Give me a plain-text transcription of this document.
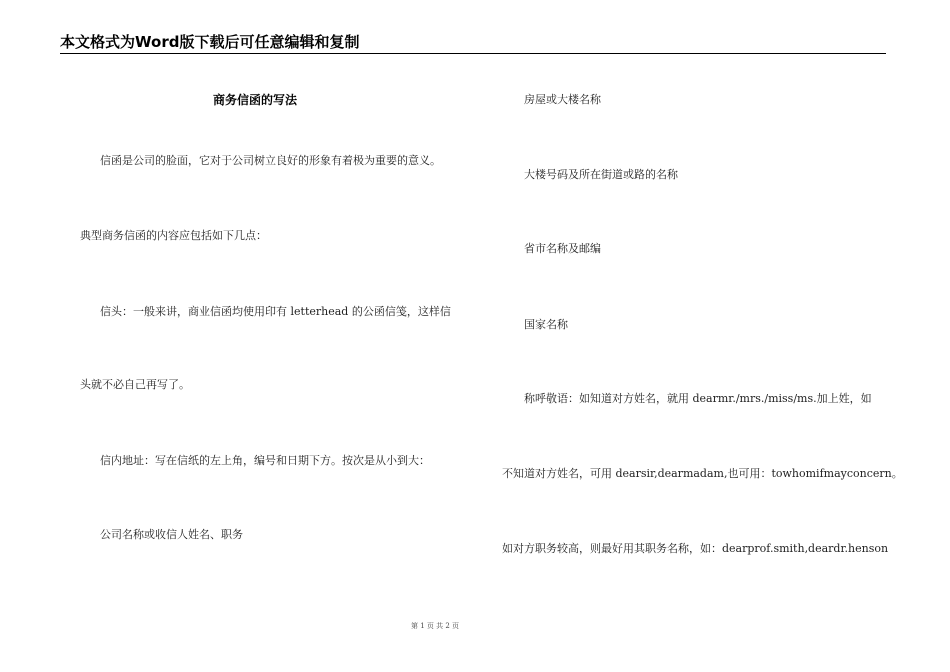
本文格式为Word版下载后可任意编辑和复制
商务信函的写法
信函是公司的脸面，它对于公司树立良好的形象有着极为重要的意义。
典型商务信函的内容应包括如下几点：
信头：一般来讲，商业信函均使用印有 letterhead 的公函信笺，这样信
头就不必自己再写了。
信内地址：写在信纸的左上角，编号和日期下方。按次是从小到大：
公司名称或收信人姓名、职务
房屋或大楼名称
大楼号码及所在街道或路的名称
省市名称及邮编
国家名称
称呼敬语：如知道对方姓名，就用 dearmr./mrs./miss/ms.加上姓，如
不知道对方姓名，可用 dearsir,dearmadam,也可用：towhomifmayconcern。
如对方职务较高，则最好用其职务名称，如：dearprof.smith,deardr.henson
第 1 页 共 2 页
